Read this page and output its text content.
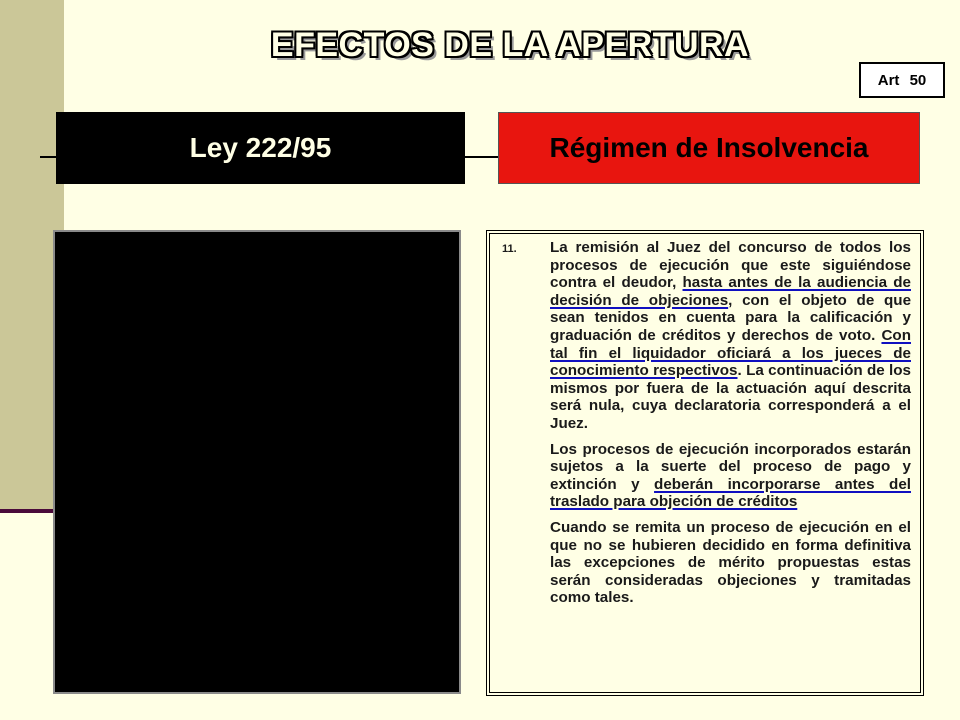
EFECTOS DE LA APERTURA
Art 50
Ley 222/95	Régimen de Insolvencia
11.	La remisión al Juez del concurso de todos los procesos de ejecución que este siguiéndose contra el deudor, hasta antes de la audiencia de decisión de objeciones, con el objeto de que sean tenidos en cuenta para la calificación y graduación de créditos y derechos de voto. Con tal fin el liquidador oficiará a los jueces de conocimiento respectivos. La continuación de los mismos por fuera de la actuación aquí descrita será nula, cuya declaratoria corresponderá a el Juez.
Los procesos de ejecución incorporados estarán sujetos a la suerte del proceso de pago y extinción y deberán incorporarse antes del traslado para objeción de créditos
Cuando se remita un proceso de ejecución en el que no se hubieren decidido en forma definitiva las excepciones de mérito propuestas estas serán consideradas objeciones y tramitadas como tales.
